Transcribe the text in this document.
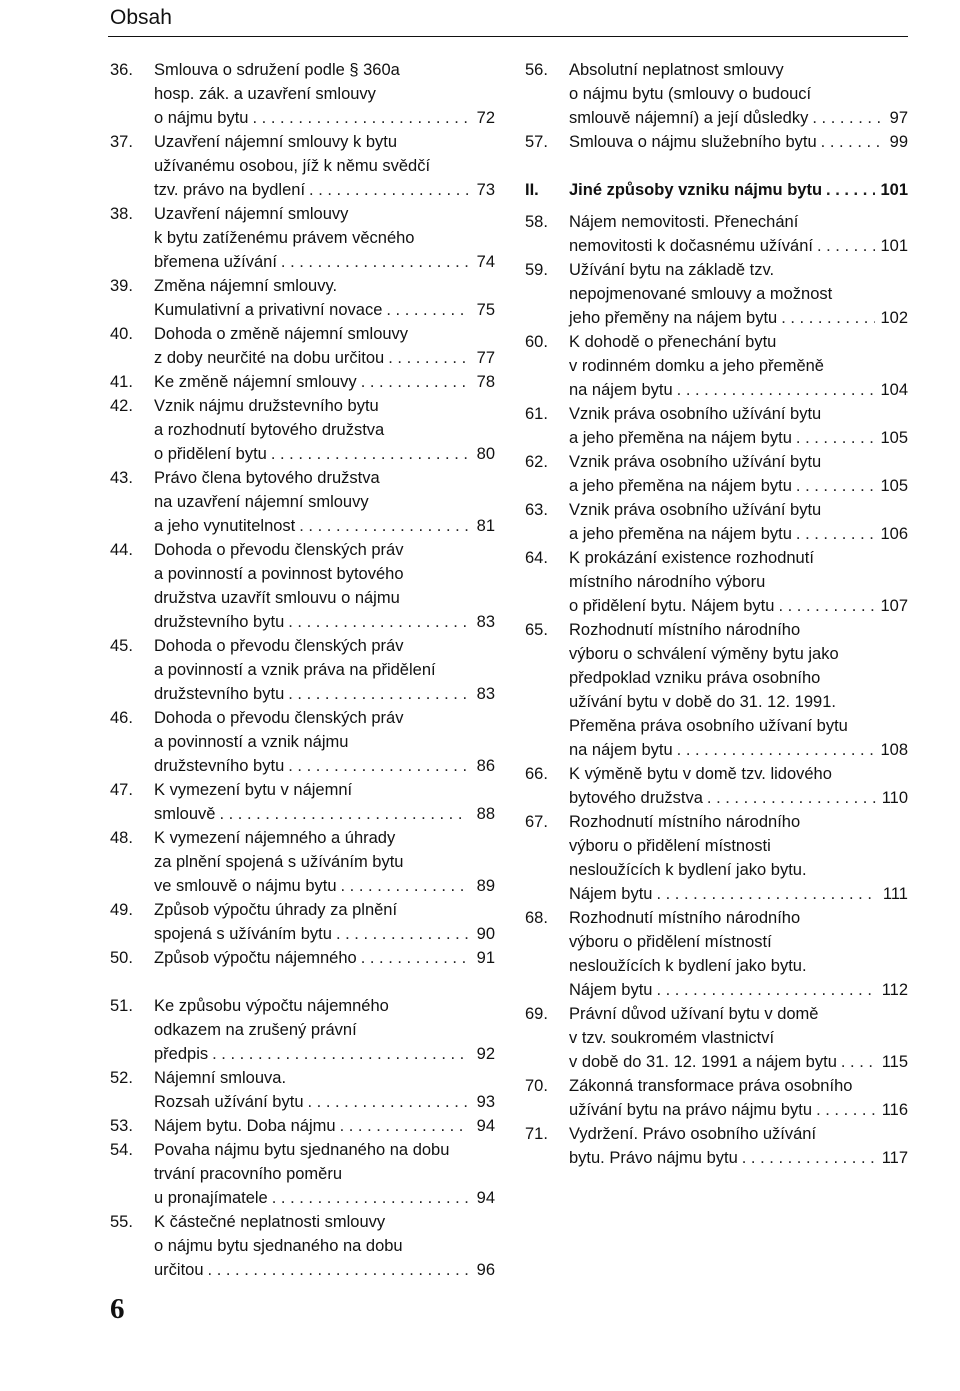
Obsah
36.	Smlouva o sdružení podle § 360a
hosp. zák. a uzavření smlouvy
o nájmu bytu . . .	72
37.	Uzavření nájemní smlouvy k bytu
užívanému osobou, jíž k němu svědčí
tzv. právo na bydlení . . .	73
38.	Uzavření nájemní smlouvy
k bytu zatíženému právem věcného
břemena užívání . . .	74
39.	Změna nájemní smlouvy.
Kumulativní a privativní novace . . .	75
40.	Dohoda o změně nájemní smlouvy
z doby neurčité na dobu určitou . . .	77
41.	Ke změně nájemní smlouvy . . .	78
42.	Vznik nájmu družstevního bytu
a rozhodnutí bytového družstva
o přidělení bytu . . .	80
43.	Právo člena bytového družstva
na uzavření nájemní smlouvy
a jeho vynutitelnost . . .	81
44.	Dohoda o převodu členských práv
a povinností a povinnost bytového
družstva uzavřít smlouvu o nájmu
družstevního bytu . . .	83
45.	Dohoda o převodu členských práv
a povinností a vznik práva na přidělení
družstevního bytu . . .	83
46.	Dohoda o převodu členských práv
a povinností a vznik nájmu
družstevního bytu . . .	86
47.	K vymezení bytu v nájemní
smlouvě . . .	88
48.	K vymezení nájemného a úhrady
za plnění spojená s užíváním bytu
ve smlouvě o nájmu bytu . . .	89
49.	Způsob výpočtu úhrady za plnění
spojená s užíváním bytu . . .	90
50.	Způsob výpočtu nájemného . . .	91
51.	Ke způsobu výpočtu nájemného
odkazem na zrušený právní
předpis . . .	92
52.	Nájemní smlouva.
Rozsah užívání bytu . . .	93
53.	Nájem bytu. Doba nájmu . . .	94
54.	Povaha nájmu bytu sjednaného na dobu
trvání pracovního poměru
u pronajímatele . . .	94
55.	K částečné neplatnosti smlouvy
o nájmu bytu sjednaného na dobu
určitou . . .	96
56.	Absolutní neplatnost smlouvy
o nájmu bytu (smlouvy o budoucí
smlouvě nájemní) a její důsledky . . .	97
57.	Smlouva o nájmu služebního bytu . . .	99
II.	Jiné způsoby vzniku nájmu bytu . . .	101
58.	Nájem nemovitosti. Přenechání
nemovitosti k dočasnému užívání . . .	101
59.	Užívání bytu na základě tzv.
nepojmenované smlouvy a možnost
jeho přeměny na nájem bytu . . .	102
60.	K dohodě o přenechání bytu
v rodinném domku a jeho přeměně
na nájem bytu . . .	104
61.	Vznik práva osobního užívání bytu
a jeho přeměna na nájem bytu . . .	105
62.	Vznik práva osobního užívání bytu
a jeho přeměna na nájem bytu . . .	105
63.	Vznik práva osobního užívání bytu
a jeho přeměna na nájem bytu . . .	106
64.	K prokázání existence rozhodnutí
místního národního výboru
o přidělení bytu. Nájem bytu . . .	107
65.	Rozhodnutí místního národního
výboru o schválení výměny bytu jako
předpoklad vzniku práva osobního
užívání bytu v době do 31. 12. 1991.
Přeměna práva osobního užívaní bytu
na nájem bytu . . .	108
66.	K výměně bytu v domě tzv. lidového
bytového družstva . . .	110
67.	Rozhodnutí místního národního
výboru o přidělení místnosti
nesloužících k bydlení jako bytu.
Nájem bytu . . .	111
68.	Rozhodnutí místního národního
výboru o přidělení místností
nesloužících k bydlení jako bytu.
Nájem bytu . . .	112
69.	Právní důvod užívaní bytu v domě
v tzv. soukromém vlastnictví
v době do 31. 12. 1991 a nájem bytu . . .	115
70.	Zákonná transformace práva osobního
užívání bytu na právo nájmu bytu . . .	116
71.	Vydržení. Právo osobního užívání
bytu. Právo nájmu bytu . . .	117
6
